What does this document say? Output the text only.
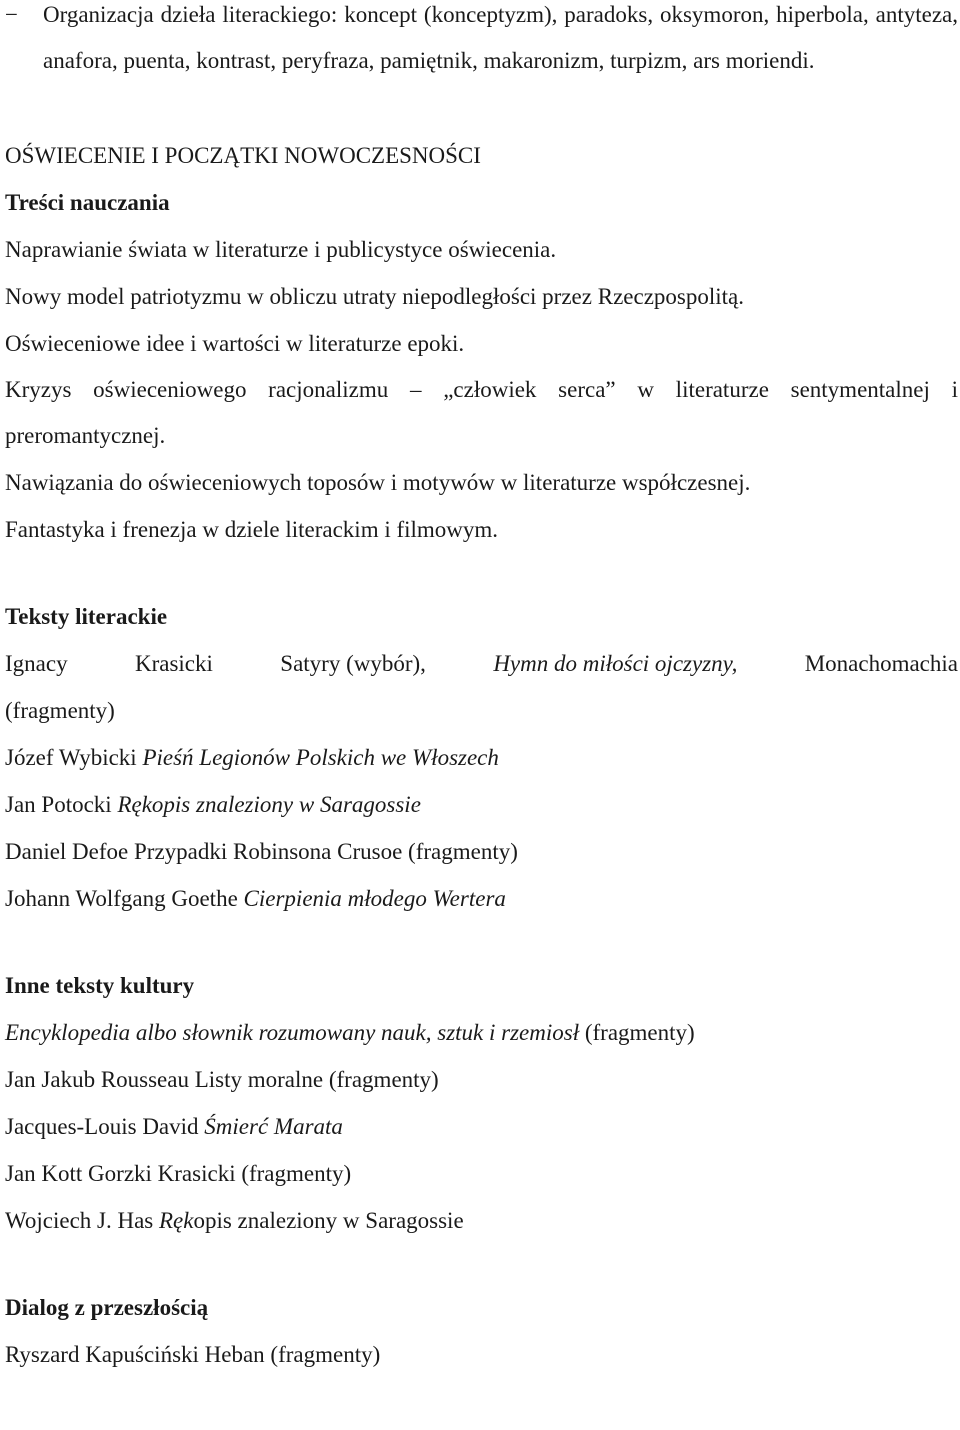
− Organizacja dzieła literackiego: koncept (konceptyzm), paradoks, oksymoron, hiperbola, antyteza, anafora, puenta, kontrast, peryfraza, pamiętnik, makaronizm, turpizm, ars moriendi.
OŚWIECENIE I POCZĄTKI NOWOCZESNOŚCI
Treści nauczania
Naprawianie świata w literaturze i publicystyce oświecenia.
Nowy model patriotyzmu w obliczu utraty niepodległości przez Rzeczpospolitą.
Oświeceniowe idee i wartości w literaturze epoki.
Kryzys oświeceniowego racjonalizmu – „człowiek serca” w literaturze sentymentalnej i preromantycznej.
Nawiązania do oświeceniowych toposów i motywów w literaturze współczesnej.
Fantastyka i frenezja w dziele literackim i filmowym.
Teksty literackie
Ignacy	Krasicki	Satyry (wybór),	Hymn do miłości ojczyzny,	Monachomachia
(fragmenty)
Józef Wybicki Pieśń Legionów Polskich we Włoszech
Jan Potocki Rękopis znaleziony w Saragossie
Daniel Defoe Przypadki Robinsona Crusoe (fragmenty)
Johann Wolfgang Goethe Cierpienia młodego Wertera
Inne teksty kultury
Encyklopedia albo słownik rozumowany nauk, sztuk i rzemiosł (fragmenty)
Jan Jakub Rousseau Listy moralne (fragmenty)
Jacques-Louis David Śmierć Marata
Jan Kott Gorzki Krasicki (fragmenty)
Wojciech J. Has Rękopis znaleziony w Saragossie
Dialog z przeszłością
Ryszard Kapuściński Heban (fragmenty)
